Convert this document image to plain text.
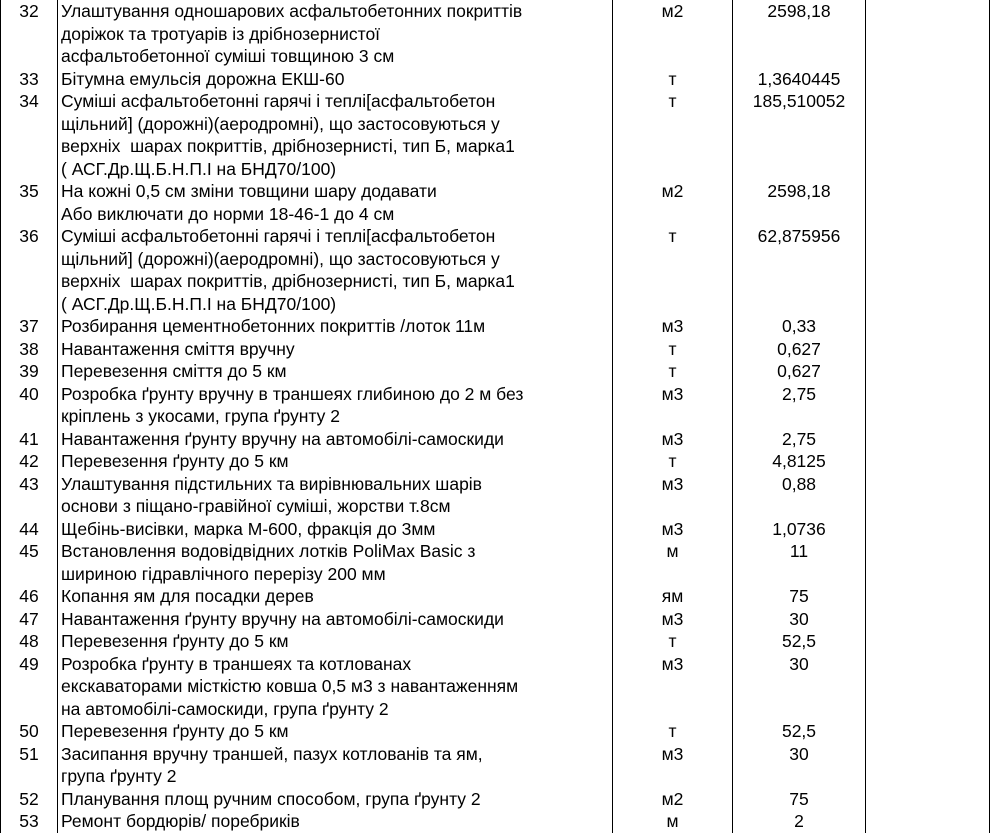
32	Улаштування одношарових асфальтобетонних покриттів
доріжок та тротуарів із дрібнозернистої
асфальтобетонної суміші товщиною 3 см	м2	2598,18		
33	Бітумна емульсія дорожна ЕКШ-60	т	1,3640445		
34	Суміші асфальтобетонні гарячі і теплі[асфальтобетон
щільний] (дорожні)(аеродромні), що застосовуються у
верхніх  шарах покриттів, дрібнозернисті, тип Б, марка1
( АСГ.Др.Щ.Б.Н.П.І на БНД70/100)	т	185,510052		
35	На кожні 0,5 см зміни товщини шару додавати
Або виключати до норми 18-46-1 до 4 см	м2	2598,18		
36	Суміші асфальтобетонні гарячі і теплі[асфальтобетон
щільний] (дорожні)(аеродромні), що застосовуються у
верхніх  шарах покриттів, дрібнозернисті, тип Б, марка1
( АСГ.Др.Щ.Б.Н.П.І на БНД70/100)	т	62,875956		
37	Розбирання цементнобетонних покриттів /лоток 11м	м3	0,33		
38	Навантаження сміття вручну	т	0,627		
39	Перевезення сміття до 5 км	т	0,627		
40	Розробка ґрунту вручну в траншеях глибиною до 2 м без
кріплень з укосами, група ґрунту 2	м3	2,75		
41	Навантаження ґрунту вручну на автомобілі-самоскиди	м3	2,75		
42	Перевезення ґрунту до 5 км	т	4,8125		
43	Улаштування підстильних та вирівнювальних шарів
основи з піщано-гравійної суміші, жорстви т.8см	м3	0,88		
44	Щебінь-висівки, марка М-600, фракція до 3мм	м3	1,0736		
45	Встановлення водовідвідних лотків PoliMax Basic з
шириною гідравлічного перерізу 200 мм	м	11		
46	Копання ям для посадки дерев	ям	75		
47	Навантаження ґрунту вручну на автомобілі-самоскиди	м3	30		
48	Перевезення ґрунту до 5 км	т	52,5		
49	Розробка ґрунту в траншеях та котлованах
екскаваторами місткістю ковша 0,5 м3 з навантаженням
на автомобілі-самоскиди, група ґрунту 2	м3	30		
50	Перевезення ґрунту до 5 км	т	52,5		
51	Засипання вручну траншей, пазух котлованів та ям,
група ґрунту 2	м3	30		
52	Планування площ ручним способом, група ґрунту 2	м2	75		
53	Ремонт бордюрів/ поребриків	м	2		
